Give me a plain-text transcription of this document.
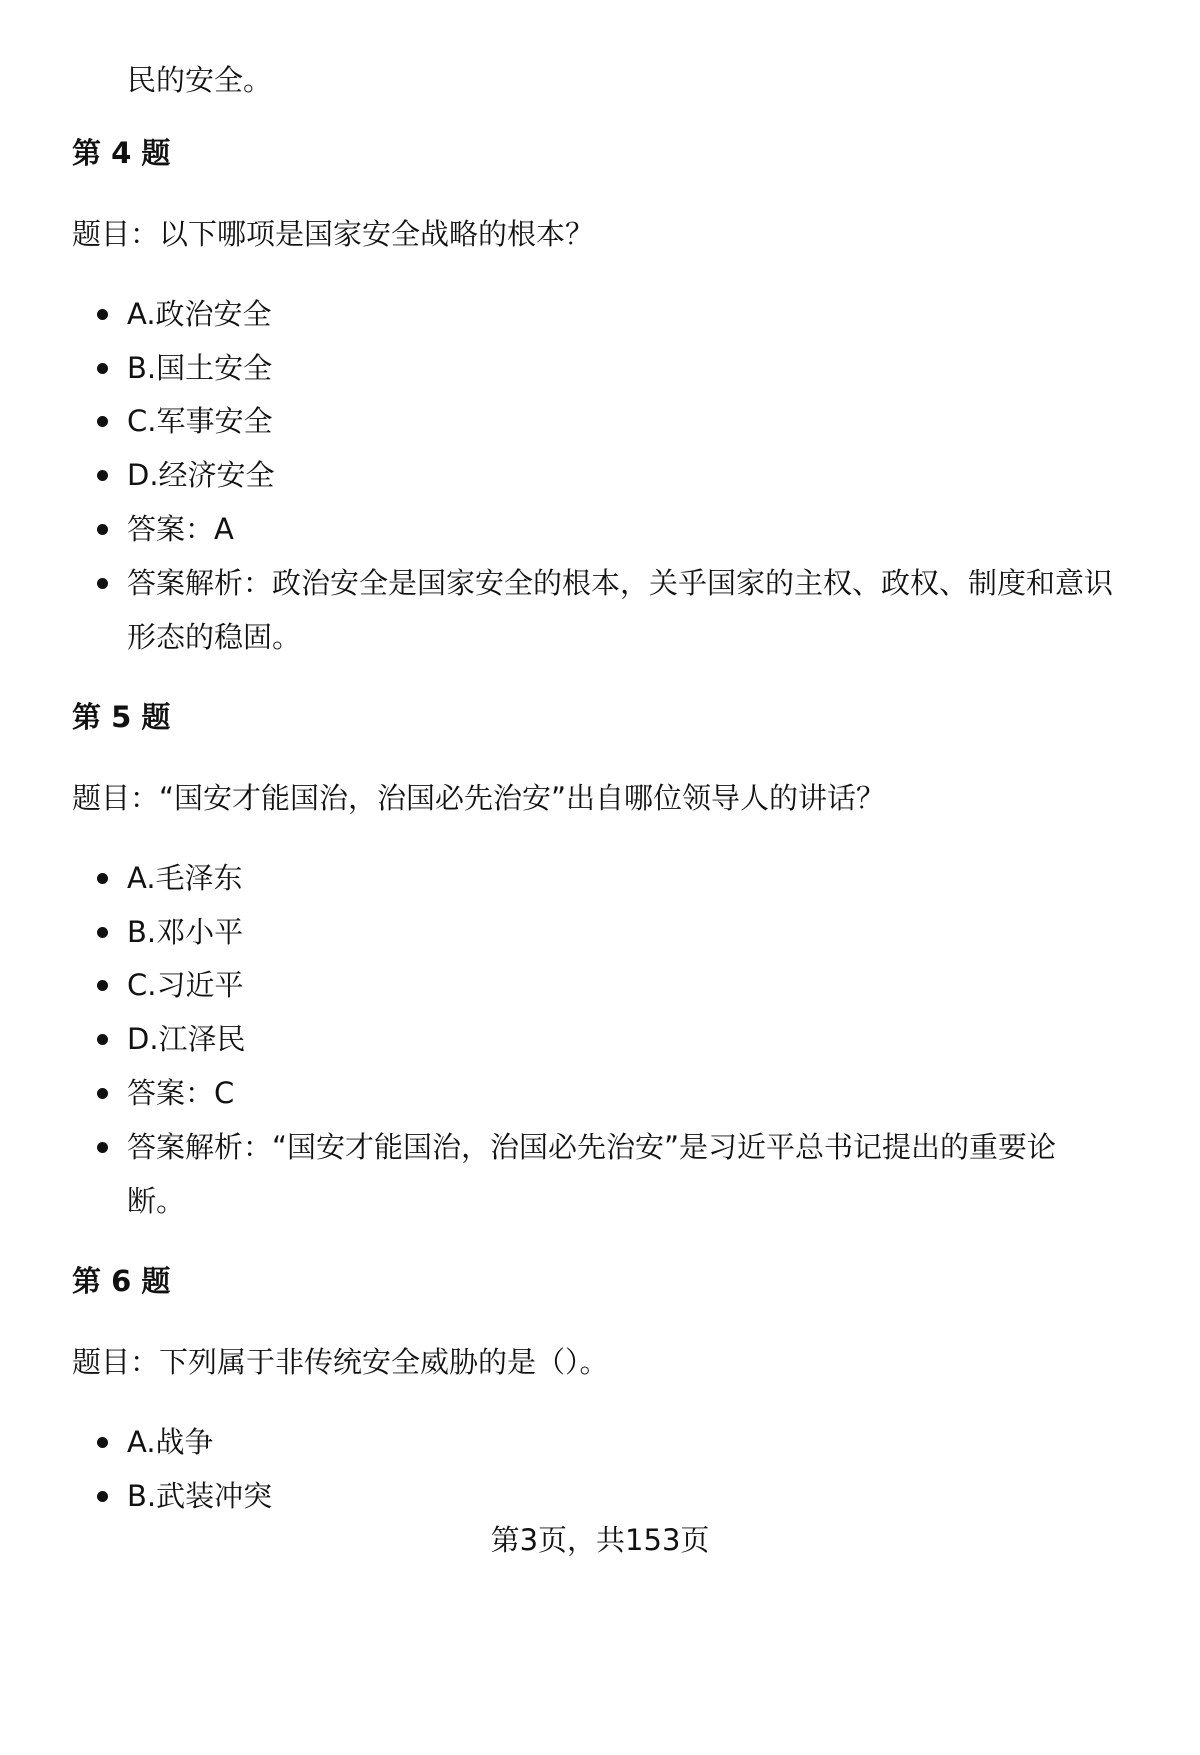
民的安全。
第 4 题
题目：以下哪项是国家安全战略的根本？
A.政治安全
B.国土安全
C.军事安全
D.经济安全
答案：A
答案解析：政治安全是国家安全的根本，关乎国家的主权、政权、制度和意识
形态的稳固。
第 5 题
题目：“国安才能国治，治国必先治安”出自哪位领导人的讲话？
A.毛泽东
B.邓小平
C.习近平
D.江泽民
答案：C
答案解析：“国安才能国治，治国必先治安”是习近平总书记提出的重要论
断。
第 6 题
题目：下列属于非传统安全威胁的是（）。
A.战争
B.武装冲突
第3页，共153页
